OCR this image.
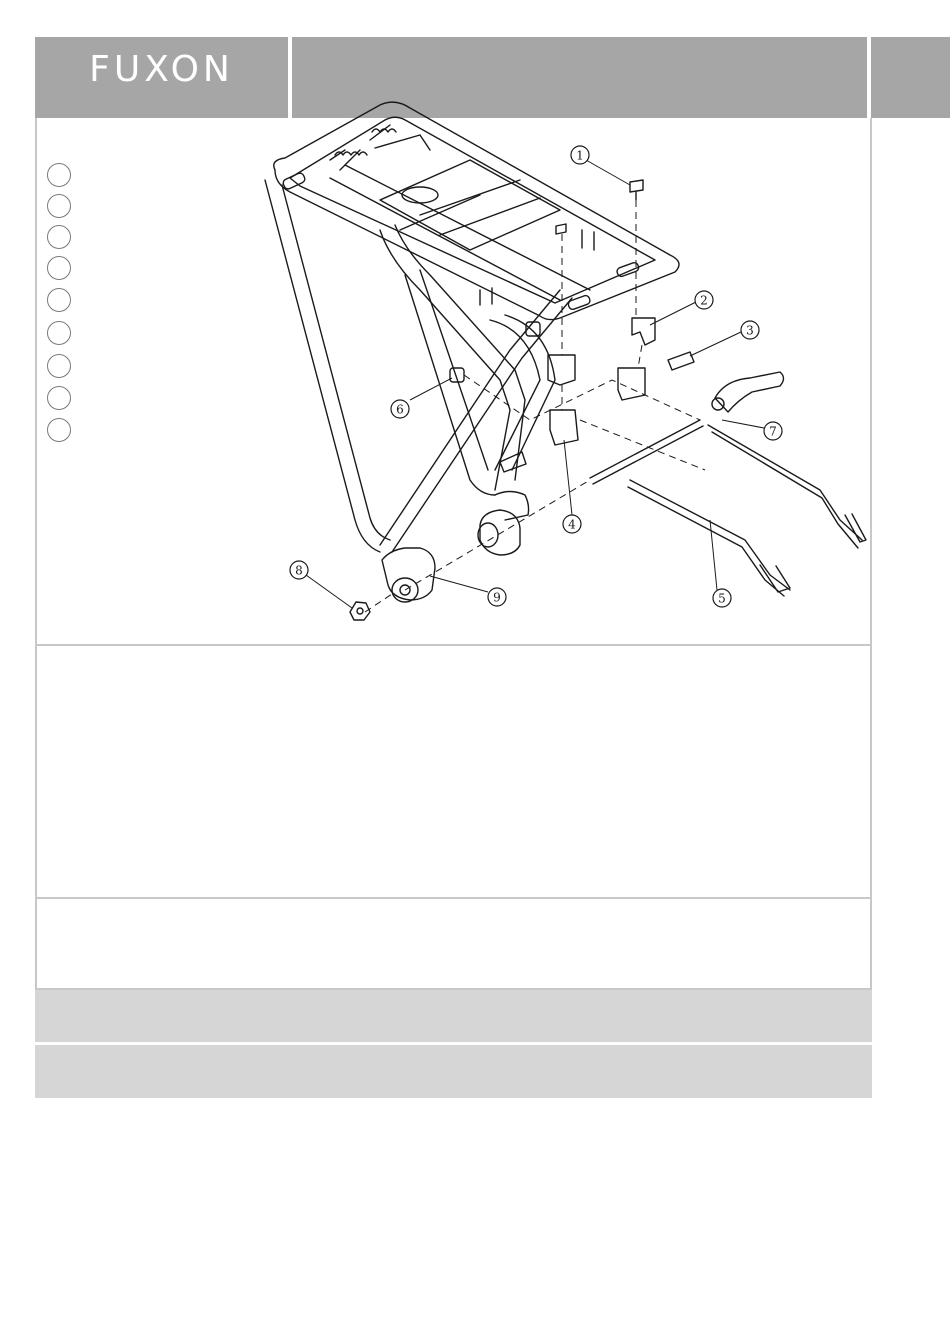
FUXON
1
2
3
4
5
6
7
8
9
